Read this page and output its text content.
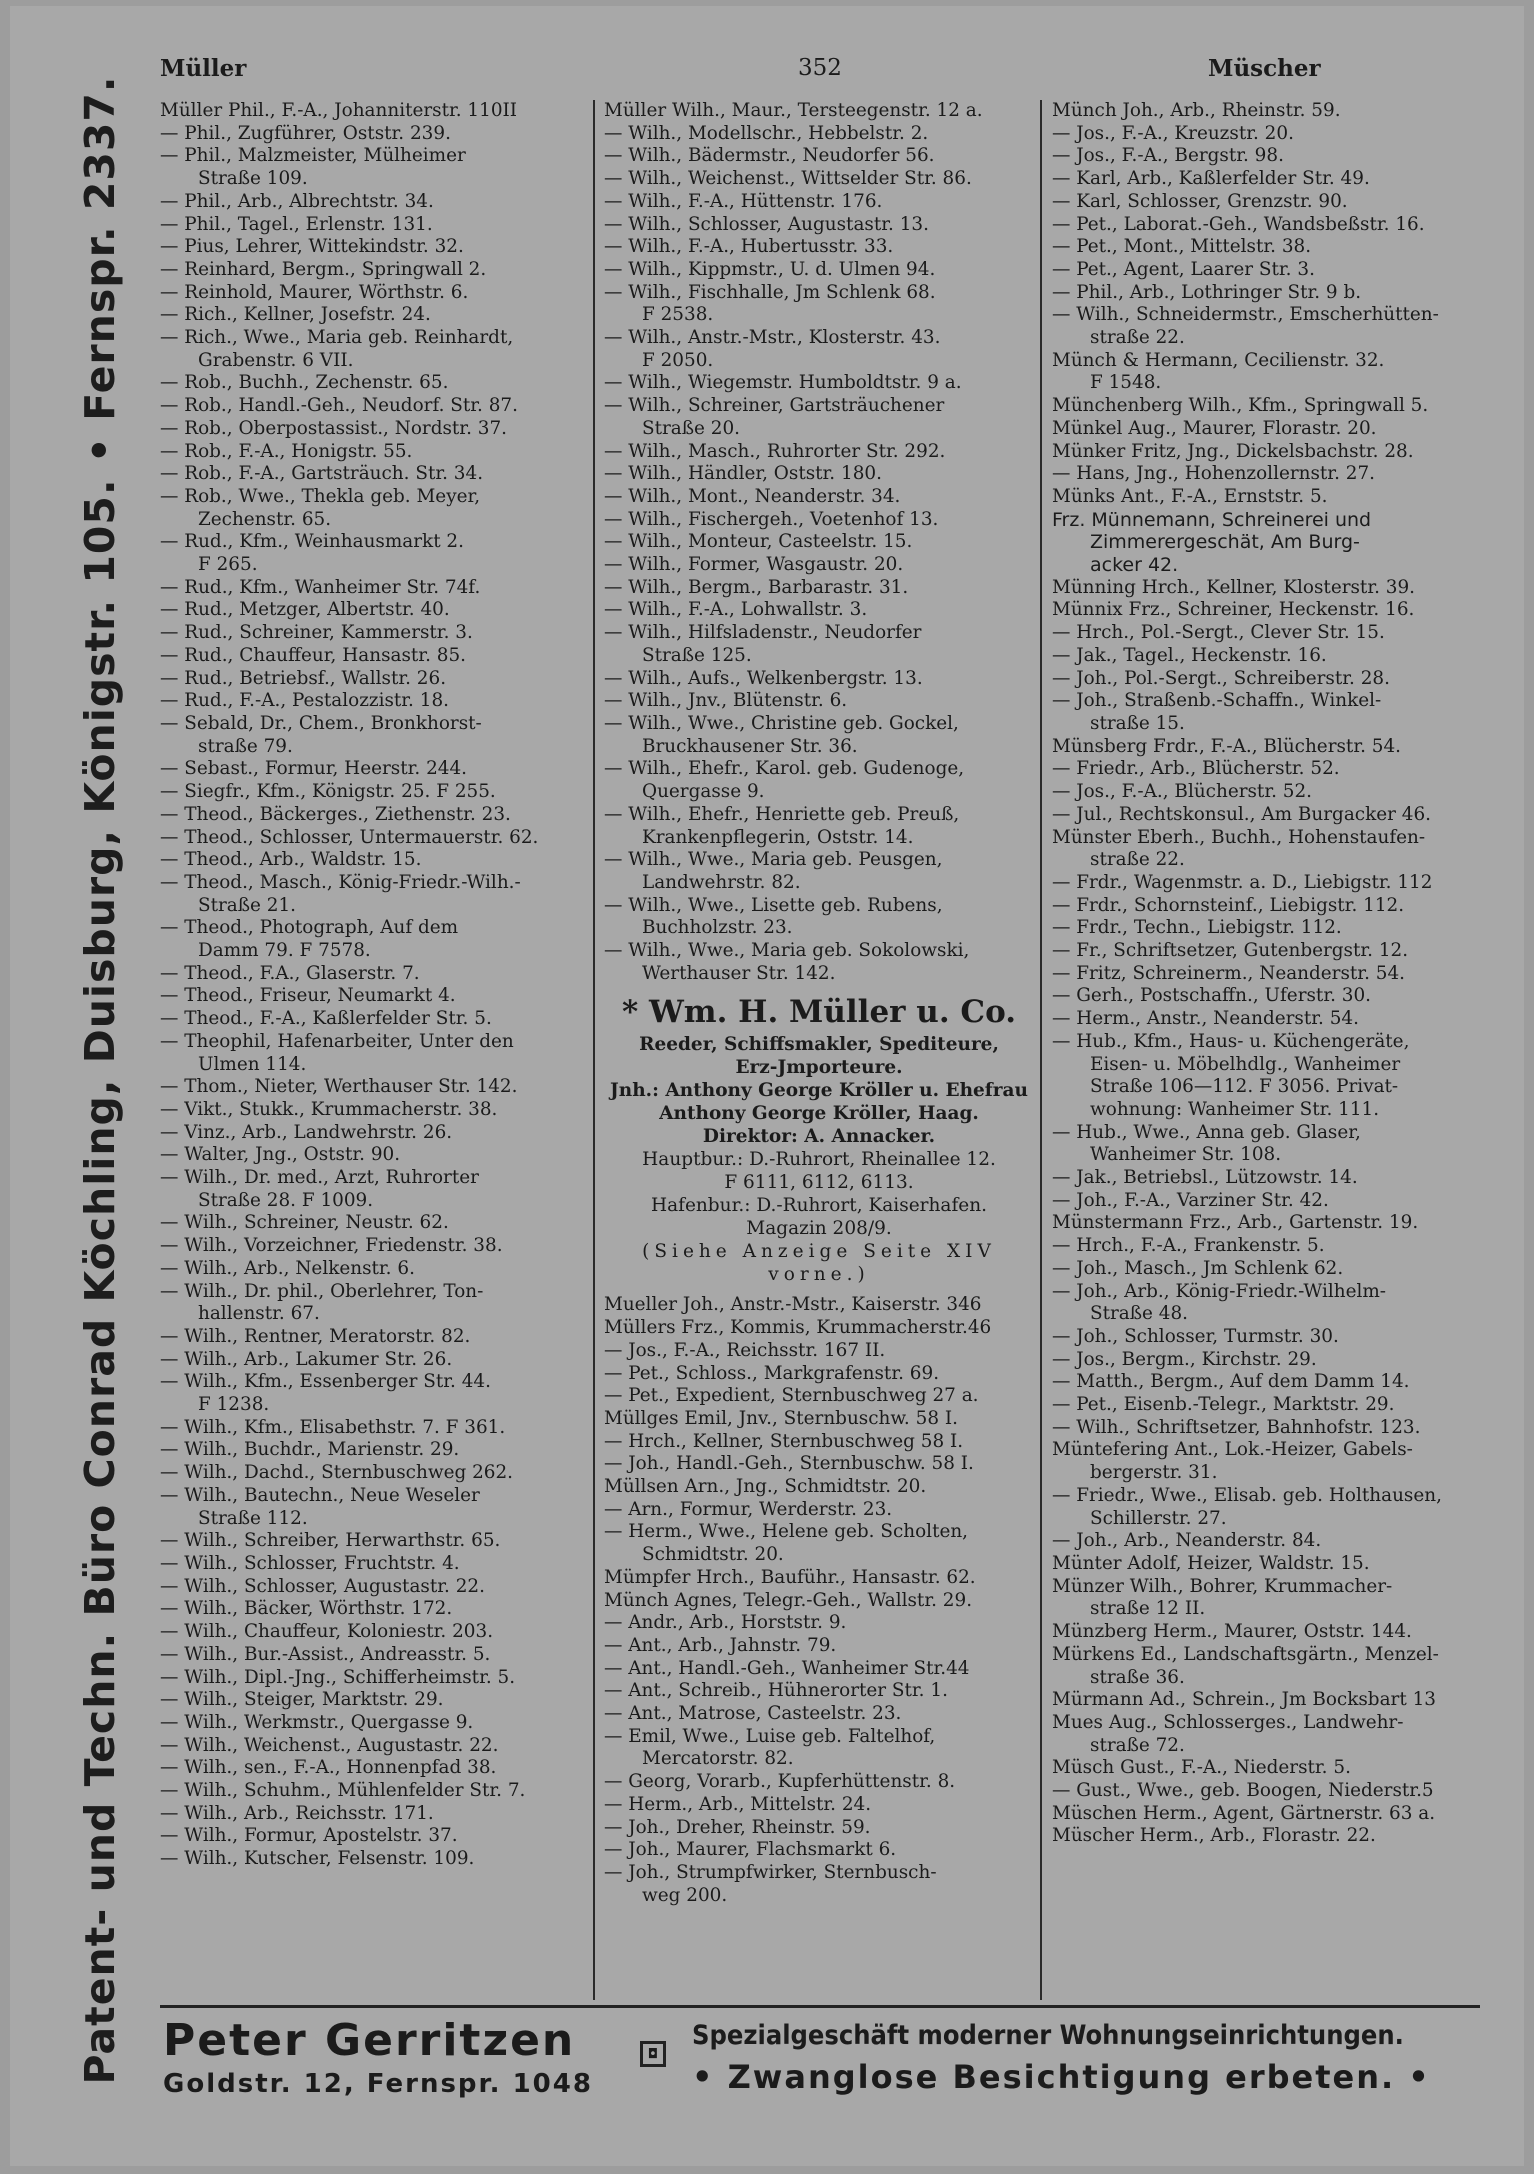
Patent- und Techn. Büro Conrad Köchling, Duisburg, Königstr. 105. • Fernspr. 2337.
Müller	352	Müscher
Müller Phil., F.-A., Johanniterstr. 110II
— Phil., Zugführer, Oststr. 239.
— Phil., Malzmeister, Mülheimer
Straße 109.
— Phil., Arb., Albrechtstr. 34.
— Phil., Tagel., Erlenstr. 131.
— Pius, Lehrer, Wittekindstr. 32.
— Reinhard, Bergm., Springwall 2.
— Reinhold, Maurer, Wörthstr. 6.
— Rich., Kellner, Josefstr. 24.
— Rich., Wwe., Maria geb. Reinhardt,
Grabenstr. 6 VII.
— Rob., Buchh., Zechenstr. 65.
— Rob., Handl.-Geh., Neudorf. Str. 87.
— Rob., Oberpostassist., Nordstr. 37.
— Rob., F.-A., Honigstr. 55.
— Rob., F.-A., Gartsträuch. Str. 34.
— Rob., Wwe., Thekla geb. Meyer,
Zechenstr. 65.
— Rud., Kfm., Weinhausmarkt 2.
F 265.
— Rud., Kfm., Wanheimer Str. 74f.
— Rud., Metzger, Albertstr. 40.
— Rud., Schreiner, Kammerstr. 3.
— Rud., Chauffeur, Hansastr. 85.
— Rud., Betriebsf., Wallstr. 26.
— Rud., F.-A., Pestalozzistr. 18.
— Sebald, Dr., Chem., Bronkhorst-
straße 79.
— Sebast., Formur, Heerstr. 244.
— Siegfr., Kfm., Königstr. 25. F 255.
— Theod., Bäckerges., Ziethenstr. 23.
— Theod., Schlosser, Untermauerstr. 62.
— Theod., Arb., Waldstr. 15.
— Theod., Masch., König-Friedr.-Wilh.-
Straße 21.
— Theod., Photograph, Auf dem
Damm 79. F 7578.
— Theod., F.A., Glaserstr. 7.
— Theod., Friseur, Neumarkt 4.
— Theod., F.-A., Kaßlerfelder Str. 5.
— Theophil, Hafenarbeiter, Unter den
Ulmen 114.
— Thom., Nieter, Werthauser Str. 142.
— Vikt., Stukk., Krummacherstr. 38.
— Vinz., Arb., Landwehrstr. 26.
— Walter, Jng., Oststr. 90.
— Wilh., Dr. med., Arzt, Ruhrorter
Straße 28. F 1009.
— Wilh., Schreiner, Neustr. 62.
— Wilh., Vorzeichner, Friedenstr. 38.
— Wilh., Arb., Nelkenstr. 6.
— Wilh., Dr. phil., Oberlehrer, Ton-
hallenstr. 67.
— Wilh., Rentner, Meratorstr. 82.
— Wilh., Arb., Lakumer Str. 26.
— Wilh., Kfm., Essenberger Str. 44.
F 1238.
— Wilh., Kfm., Elisabethstr. 7. F 361.
— Wilh., Buchdr., Marienstr. 29.
— Wilh., Dachd., Sternbuschweg 262.
— Wilh., Bautechn., Neue Weseler
Straße 112.
— Wilh., Schreiber, Herwarthstr. 65.
— Wilh., Schlosser, Fruchtstr. 4.
— Wilh., Schlosser, Augustastr. 22.
— Wilh., Bäcker, Wörthstr. 172.
— Wilh., Chauffeur, Koloniestr. 203.
— Wilh., Bur.-Assist., Andreasstr. 5.
— Wilh., Dipl.-Jng., Schifferheimstr. 5.
— Wilh., Steiger, Marktstr. 29.
— Wilh., Werkmstr., Quergasse 9.
— Wilh., Weichenst., Augustastr. 22.
— Wilh., sen., F.-A., Honnenpfad 38.
— Wilh., Schuhm., Mühlenfelder Str. 7.
— Wilh., Arb., Reichsstr. 171.
— Wilh., Formur, Apostelstr. 37.
— Wilh., Kutscher, Felsenstr. 109.
Müller Wilh., Maur., Tersteegenstr. 12 a.
— Wilh., Modellschr., Hebbelstr. 2.
— Wilh., Bädermstr., Neudorfer 56.
— Wilh., Weichenst., Wittselder Str. 86.
— Wilh., F.-A., Hüttenstr. 176.
— Wilh., Schlosser, Augustastr. 13.
— Wilh., F.-A., Hubertusstr. 33.
— Wilh., Kippmstr., U. d. Ulmen 94.
— Wilh., Fischhalle, Jm Schlenk 68.
F 2538.
— Wilh., Anstr.-Mstr., Klosterstr. 43.
F 2050.
— Wilh., Wiegemstr. Humboldtstr. 9 a.
— Wilh., Schreiner, Gartsträuchener
Straße 20.
— Wilh., Masch., Ruhrorter Str. 292.
— Wilh., Händler, Oststr. 180.
— Wilh., Mont., Neanderstr. 34.
— Wilh., Fischergeh., Voetenhof 13.
— Wilh., Monteur, Casteelstr. 15.
— Wilh., Former, Wasgaustr. 20.
— Wilh., Bergm., Barbarastr. 31.
— Wilh., F.-A., Lohwallstr. 3.
— Wilh., Hilfsladenstr., Neudorfer
Straße 125.
— Wilh., Aufs., Welkenbergstr. 13.
— Wilh., Jnv., Blütenstr. 6.
— Wilh., Wwe., Christine geb. Gockel,
Bruckhausener Str. 36.
— Wilh., Ehefr., Karol. geb. Gudenoge,
Quergasse 9.
— Wilh., Ehefr., Henriette geb. Preuß,
Krankenpflegerin, Oststr. 14.
— Wilh., Wwe., Maria geb. Peusgen,
Landwehrstr. 82.
— Wilh., Wwe., Lisette geb. Rubens,
Buchholzstr. 23.
— Wilh., Wwe., Maria geb. Sokolowski,
Werthauser Str. 142.
* Wm. H. Müller u. Co.
Reeder, Schiffsmakler, Spediteure,
Erz-Jmporteure.
Jnh.: Anthony George Kröller u. Ehefrau
Anthony George Kröller, Haag.
Direktor: A. Annacker.
Hauptbur.: D.-Ruhrort, Rheinallee 12.
F 6111, 6112, 6113.
Hafenbur.: D.-Ruhrort, Kaiserhafen.
Magazin 208/9.
(Siehe Anzeige Seite XIV
vorne.)
Mueller Joh., Anstr.-Mstr., Kaiserstr. 346
Müllers Frz., Kommis, Krummacherstr.46
— Jos., F.-A., Reichsstr. 167 II.
— Pet., Schloss., Markgrafenstr. 69.
— Pet., Expedient, Sternbuschweg 27 a.
Müllges Emil, Jnv., Sternbuschw. 58 I.
— Hrch., Kellner, Sternbuschweg 58 I.
— Joh., Handl.-Geh., Sternbuschw. 58 I.
Müllsen Arn., Jng., Schmidtstr. 20.
— Arn., Formur, Werderstr. 23.
— Herm., Wwe., Helene geb. Scholten,
Schmidtstr. 20.
Mümpfer Hrch., Bauführ., Hansastr. 62.
Münch Agnes, Telegr.-Geh., Wallstr. 29.
— Andr., Arb., Horststr. 9.
— Ant., Arb., Jahnstr. 79.
— Ant., Handl.-Geh., Wanheimer Str.44
— Ant., Schreib., Hühnerorter Str. 1.
— Ant., Matrose, Casteelstr. 23.
— Emil, Wwe., Luise geb. Faltelhof,
Mercatorstr. 82.
— Georg, Vorarb., Kupferhüttenstr. 8.
— Herm., Arb., Mittelstr. 24.
— Joh., Dreher, Rheinstr. 59.
— Joh., Maurer, Flachsmarkt 6.
— Joh., Strumpfwirker, Sternbusch-
weg 200.
Münch Joh., Arb., Rheinstr. 59.
— Jos., F.-A., Kreuzstr. 20.
— Jos., F.-A., Bergstr. 98.
— Karl, Arb., Kaßlerfelder Str. 49.
— Karl, Schlosser, Grenzstr. 90.
— Pet., Laborat.-Geh., Wandsbeßstr. 16.
— Pet., Mont., Mittelstr. 38.
— Pet., Agent, Laarer Str. 3.
— Phil., Arb., Lothringer Str. 9 b.
— Wilh., Schneidermstr., Emscherhütten-
straße 22.
Münch & Hermann, Cecilienstr. 32.
F 1548.
Münchenberg Wilh., Kfm., Springwall 5.
Münkel Aug., Maurer, Florastr. 20.
Münker Fritz, Jng., Dickelsbachstr. 28.
— Hans, Jng., Hohenzollernstr. 27.
Münks Ant., F.-A., Ernststr. 5.
Frz. Münnemann, Schreinerei und
Zimmerergeschät, Am Burg-
acker 42.
Münning Hrch., Kellner, Klosterstr. 39.
Münnix Frz., Schreiner, Heckenstr. 16.
— Hrch., Pol.-Sergt., Clever Str. 15.
— Jak., Tagel., Heckenstr. 16.
— Joh., Pol.-Sergt., Schreiberstr. 28.
— Joh., Straßenb.-Schaffn., Winkel-
straße 15.
Münsberg Frdr., F.-A., Blücherstr. 54.
— Friedr., Arb., Blücherstr. 52.
— Jos., F.-A., Blücherstr. 52.
— Jul., Rechtskonsul., Am Burgacker 46.
Münster Eberh., Buchh., Hohenstaufen-
straße 22.
— Frdr., Wagenmstr. a. D., Liebigstr. 112
— Frdr., Schornsteinf., Liebigstr. 112.
— Frdr., Techn., Liebigstr. 112.
— Fr., Schriftsetzer, Gutenbergstr. 12.
— Fritz, Schreinerm., Neanderstr. 54.
— Gerh., Postschaffn., Uferstr. 30.
— Herm., Anstr., Neanderstr. 54.
— Hub., Kfm., Haus- u. Küchengeräte,
Eisen- u. Möbelhdlg., Wanheimer
Straße 106—112. F 3056. Privat-
wohnung: Wanheimer Str. 111.
— Hub., Wwe., Anna geb. Glaser,
Wanheimer Str. 108.
— Jak., Betriebsl., Lützowstr. 14.
— Joh., F.-A., Varziner Str. 42.
Münstermann Frz., Arb., Gartenstr. 19.
— Hrch., F.-A., Frankenstr. 5.
— Joh., Masch., Jm Schlenk 62.
— Joh., Arb., König-Friedr.-Wilhelm-
Straße 48.
— Joh., Schlosser, Turmstr. 30.
— Jos., Bergm., Kirchstr. 29.
— Matth., Bergm., Auf dem Damm 14.
— Pet., Eisenb.-Telegr., Marktstr. 29.
— Wilh., Schriftsetzer, Bahnhofstr. 123.
Müntefering Ant., Lok.-Heizer, Gabels-
bergerstr. 31.
— Friedr., Wwe., Elisab. geb. Holthausen,
Schillerstr. 27.
— Joh., Arb., Neanderstr. 84.
Münter Adolf, Heizer, Waldstr. 15.
Münzer Wilh., Bohrer, Krummacher-
straße 12 II.
Münzberg Herm., Maurer, Oststr. 144.
Mürkens Ed., Landschaftsgärtn., Menzel-
straße 36.
Mürmann Ad., Schrein., Jm Bocksbart 13
Mues Aug., Schlosserges., Landwehr-
straße 72.
Müsch Gust., F.-A., Niederstr. 5.
— Gust., Wwe., geb. Boogen, Niederstr.5
Müschen Herm., Agent, Gärtnerstr. 63 a.
Müscher Herm., Arb., Florastr. 22.
Peter Gerritzen
Goldstr. 12, Fernspr. 1048
◘
Spezialgeschäft moderner Wohnungseinrichtungen.
• Zwanglose Besichtigung erbeten. •
